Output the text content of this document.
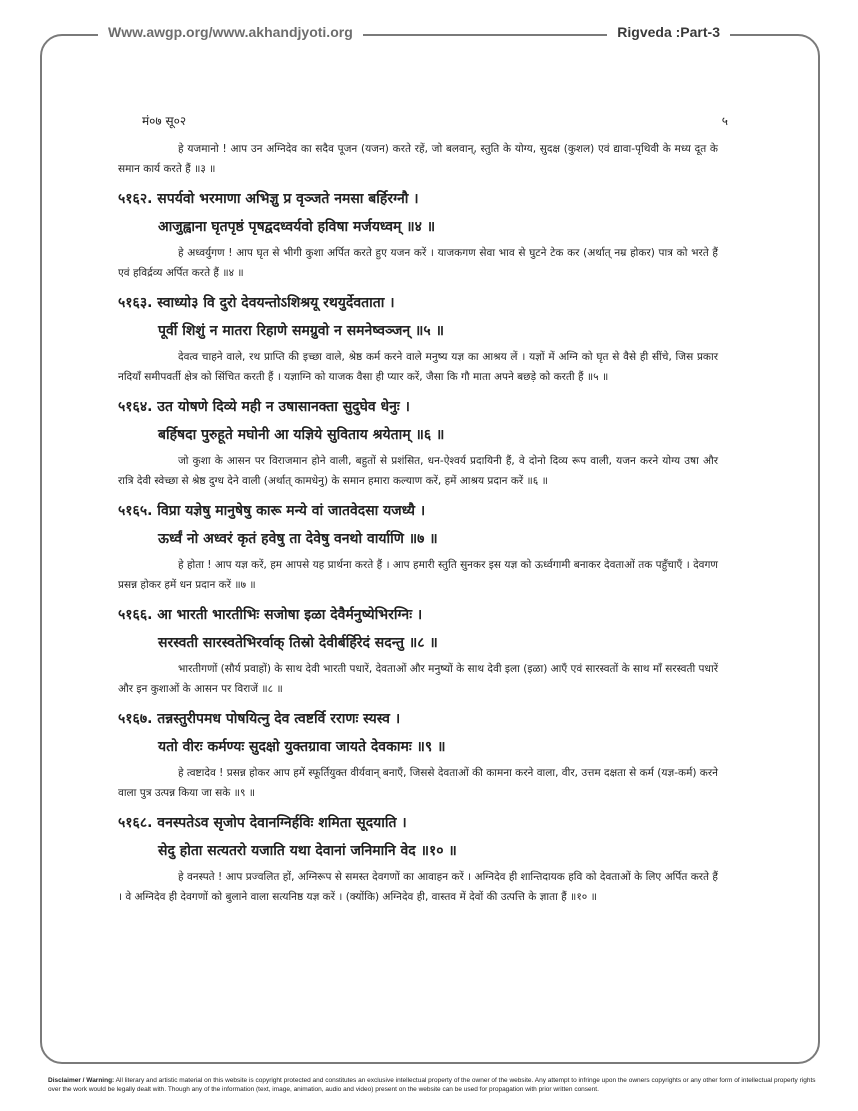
Www.awgp.org/www.akhandjyoti.org	Rigveda :Part-3
मं०७ सू०२	५

हे यजमानो ! आप उन अग्निदेव का सदैव पूजन (यजन) करते रहें, जो बलवान्, स्तुति के योग्य, सुदक्ष (कुशल) एवं द्यावा-पृथिवी के मध्य दूत के समान कार्य करते हैं ॥३ ॥

५१६२. सपर्यवो भरमाणा अभिज्ञु प्र वृञ्जते नमसा बर्हिरग्नौ ।
आजुह्वाना घृतपृष्ठं पृषद्वदध्वर्यवो हविषा मर्जयध्वम् ॥४ ॥

हे अध्वर्युगण ! आप घृत से भीगी कुशा अर्पित करते हुए यजन करें । याजकगण सेवा भाव से घुटने टेक कर (अर्थात् नम्र होकर) पात्र को भरते हैं एवं हविर्द्रव्य अर्पित करते हैं ॥४ ॥

५१६३. स्वाध्यो३ वि दुरो देवयन्तोऽशिश्रयू रथयुर्देवताता ।
पूर्वी शिशुं न मातरा रिहाणे समग्रुवो न समनेष्वञ्जन् ॥५ ॥

देवत्व चाहने वाले, रथ प्राप्ति की इच्छा वाले, श्रेष्ठ कर्म करने वाले मनुष्य यज्ञ का आश्रय लें । यज्ञों में अग्नि को घृत से वैसे ही सींचे, जिस प्रकार नदियाँ समीपवर्ती क्षेत्र को सिंचित करती हैं । यज्ञाग्नि को याजक वैसा ही प्यार करें, जैसा कि गौ माता अपने बछड़े को करती हैं ॥५ ॥

५१६४. उत योषणे दिव्ये मही न उषासानक्ता सुदुघेव धेनुः ।
बर्हिषदा पुरुहूते मघोनी आ यज्ञिये सुविताय श्रयेताम् ॥६ ॥

जो कुशा के आसन पर विराजमान होने वाली, बहुतों से प्रशंसित, धन-ऐश्वर्य प्रदायिनी हैं, वे दोनो दिव्य रूप वाली, यजन करने योग्य उषा और रात्रि देवी स्वेच्छा से श्रेष्ठ दुग्ध देने वाली (अर्थात् कामधेनु) के समान हमारा कल्याण करें, हमें आश्रय प्रदान करें ॥६ ॥

५१६५. विप्रा यज्ञेषु मानुषेषु कारू मन्ये वां जातवेदसा यजध्यै ।
ऊर्ध्वं नो अध्वरं कृतं हवेषु ता देवेषु वनथो वार्याणि ॥७ ॥

हे होता ! आप यज्ञ करें, हम आपसे यह प्रार्थना करते हैं । आप हमारी स्तुति सुनकर इस यज्ञ को ऊर्ध्वगामी बनाकर देवताओं तक पहुँचाएँ । देवगण प्रसन्न होकर हमें धन प्रदान करें ॥७ ॥

५१६६. आ भारती भारतीभिः सजोषा इळा देवैर्मनुष्येभिरग्निः ।
सरस्वती सारस्वतेभिरर्वाक् तिस्रो देवीर्बर्हिरेदं सदन्तु ॥८ ॥

भारतीगणों (सौर्य प्रवाहों) के साथ देवी भारती पधारें, देवताओं और मनुष्यों के साथ देवी इला (इळा) आएँ एवं सारस्वतों के साथ माँ सरस्वती पधारें और इन कुशाओं के आसन पर विराजें ॥८ ॥

५१६७. तन्नस्तुरीपमध पोषयित्नु देव त्वष्टर्वि रराणः स्यस्व ।
यतो वीरः कर्मण्यः सुदक्षो युक्तग्रावा जायते देवकामः ॥९ ॥

हे त्वष्टादेव ! प्रसन्न होकर आप हमें स्फूर्तियुक्त वीर्यवान् बनाएँ, जिससे देवताओं की कामना करने वाला, वीर, उत्तम दक्षता से कर्म (यज्ञ-कर्म) करने वाला पुत्र उत्पन्न किया जा सके ॥९ ॥

५१६८. वनस्पतेऽव सृजोप देवानग्निर्हविः शमिता सूदयाति ।
सेदु होता सत्यतरो यजाति यथा देवानां जनिमानि वेद ॥१० ॥

हे वनस्पते ! आप प्रज्वलित हों, अग्निरूप से समस्त देवगणों का आवाहन करें । अग्निदेव ही शान्तिदायक हवि को देवताओं के लिए अर्पित करते हैं । वे अग्निदेव ही देवगणों को बुलाने वाला सत्यनिष्ठ यज्ञ करें । (क्योंकि) अग्निदेव ही, वास्तव में देवों की उत्पत्ति के ज्ञाता हैं ॥१० ॥

Disclaimer / Warning: All literary and artistic material on this website is copyright protected and constitutes an exclusive intellectual property of the owner of the website. Any attempt to infringe upon the owners copyrights or any other form of intellectual property rights over the work would be legally dealt with. Though any of the information (text, image, animation, audio and video) present on the website can be used for propagation with prior written consent.
